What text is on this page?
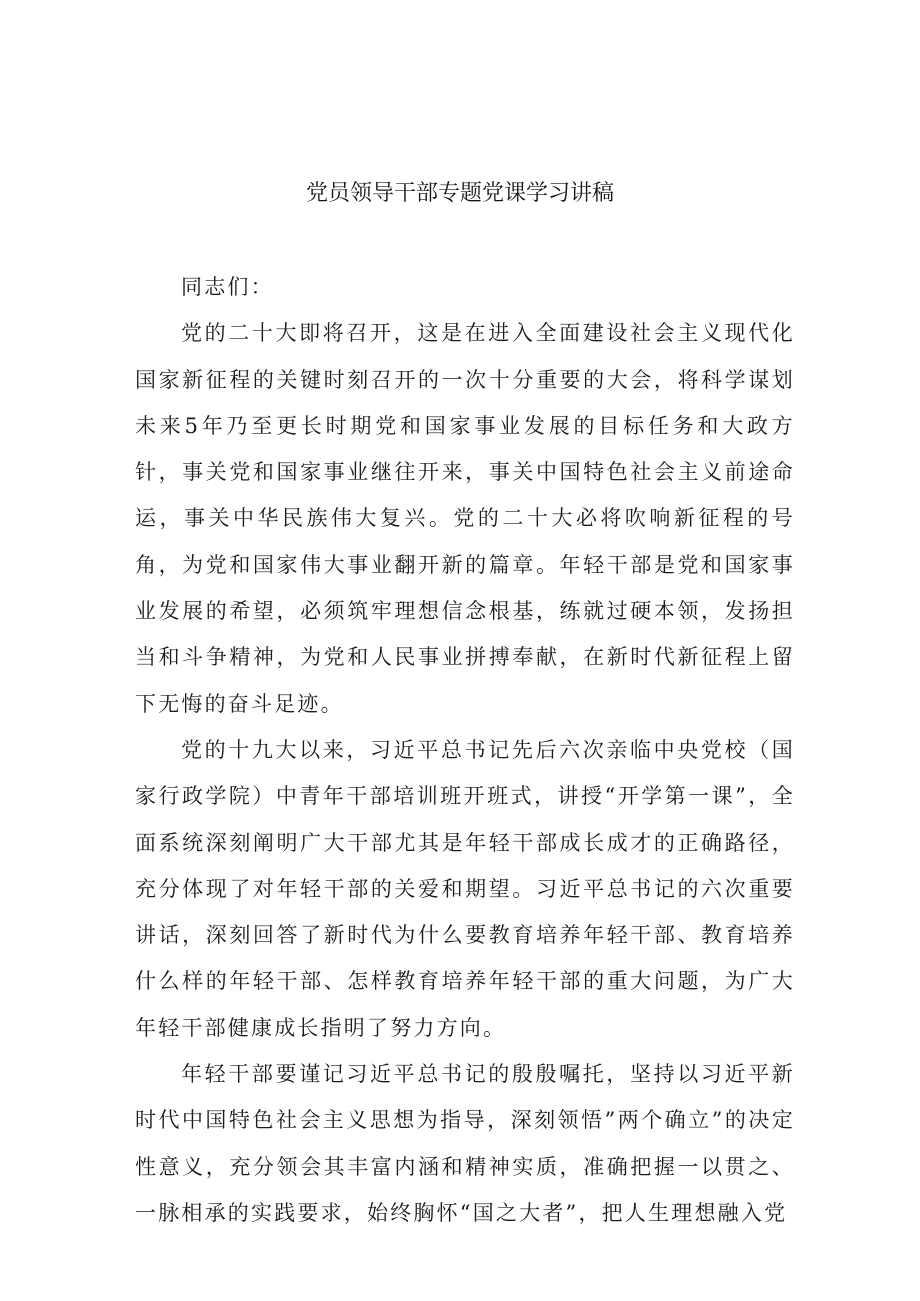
党员领导干部专题党课学习讲稿

同志们：

党的二十大即将召开，这是在进入全面建设社会主义现代化国家新征程的关键时刻召开的一次十分重要的大会，将科学谋划未来5年乃至更长时期党和国家事业发展的目标任务和大政方针，事关党和国家事业继往开来，事关中国特色社会主义前途命运，事关中华民族伟大复兴。党的二十大必将吹响新征程的号角，为党和国家伟大事业翻开新的篇章。年轻干部是党和国家事业发展的希望，必须筑牢理想信念根基，练就过硬本领，发扬担当和斗争精神，为党和人民事业拼搏奉献，在新时代新征程上留下无悔的奋斗足迹。

党的十九大以来，习近平总书记先后六次亲临中央党校（国家行政学院）中青年干部培训班开班式，讲授“开学第一课”，全面系统深刻阐明广大干部尤其是年轻干部成长成才的正确路径，充分体现了对年轻干部的关爱和期望。习近平总书记的六次重要讲话，深刻回答了新时代为什么要教育培养年轻干部、教育培养什么样的年轻干部、怎样教育培养年轻干部的重大问题，为广大年轻干部健康成长指明了努力方向。

年轻干部要谨记习近平总书记的殷殷嘱托，坚持以习近平新时代中国特色社会主义思想为指导，深刻领悟”两个确立”的决定性意义，充分领会其丰富内涵和精神实质，准确把握一以贯之、一脉相承的实践要求，始终胸怀“国之大者”，把人生理想融入党
